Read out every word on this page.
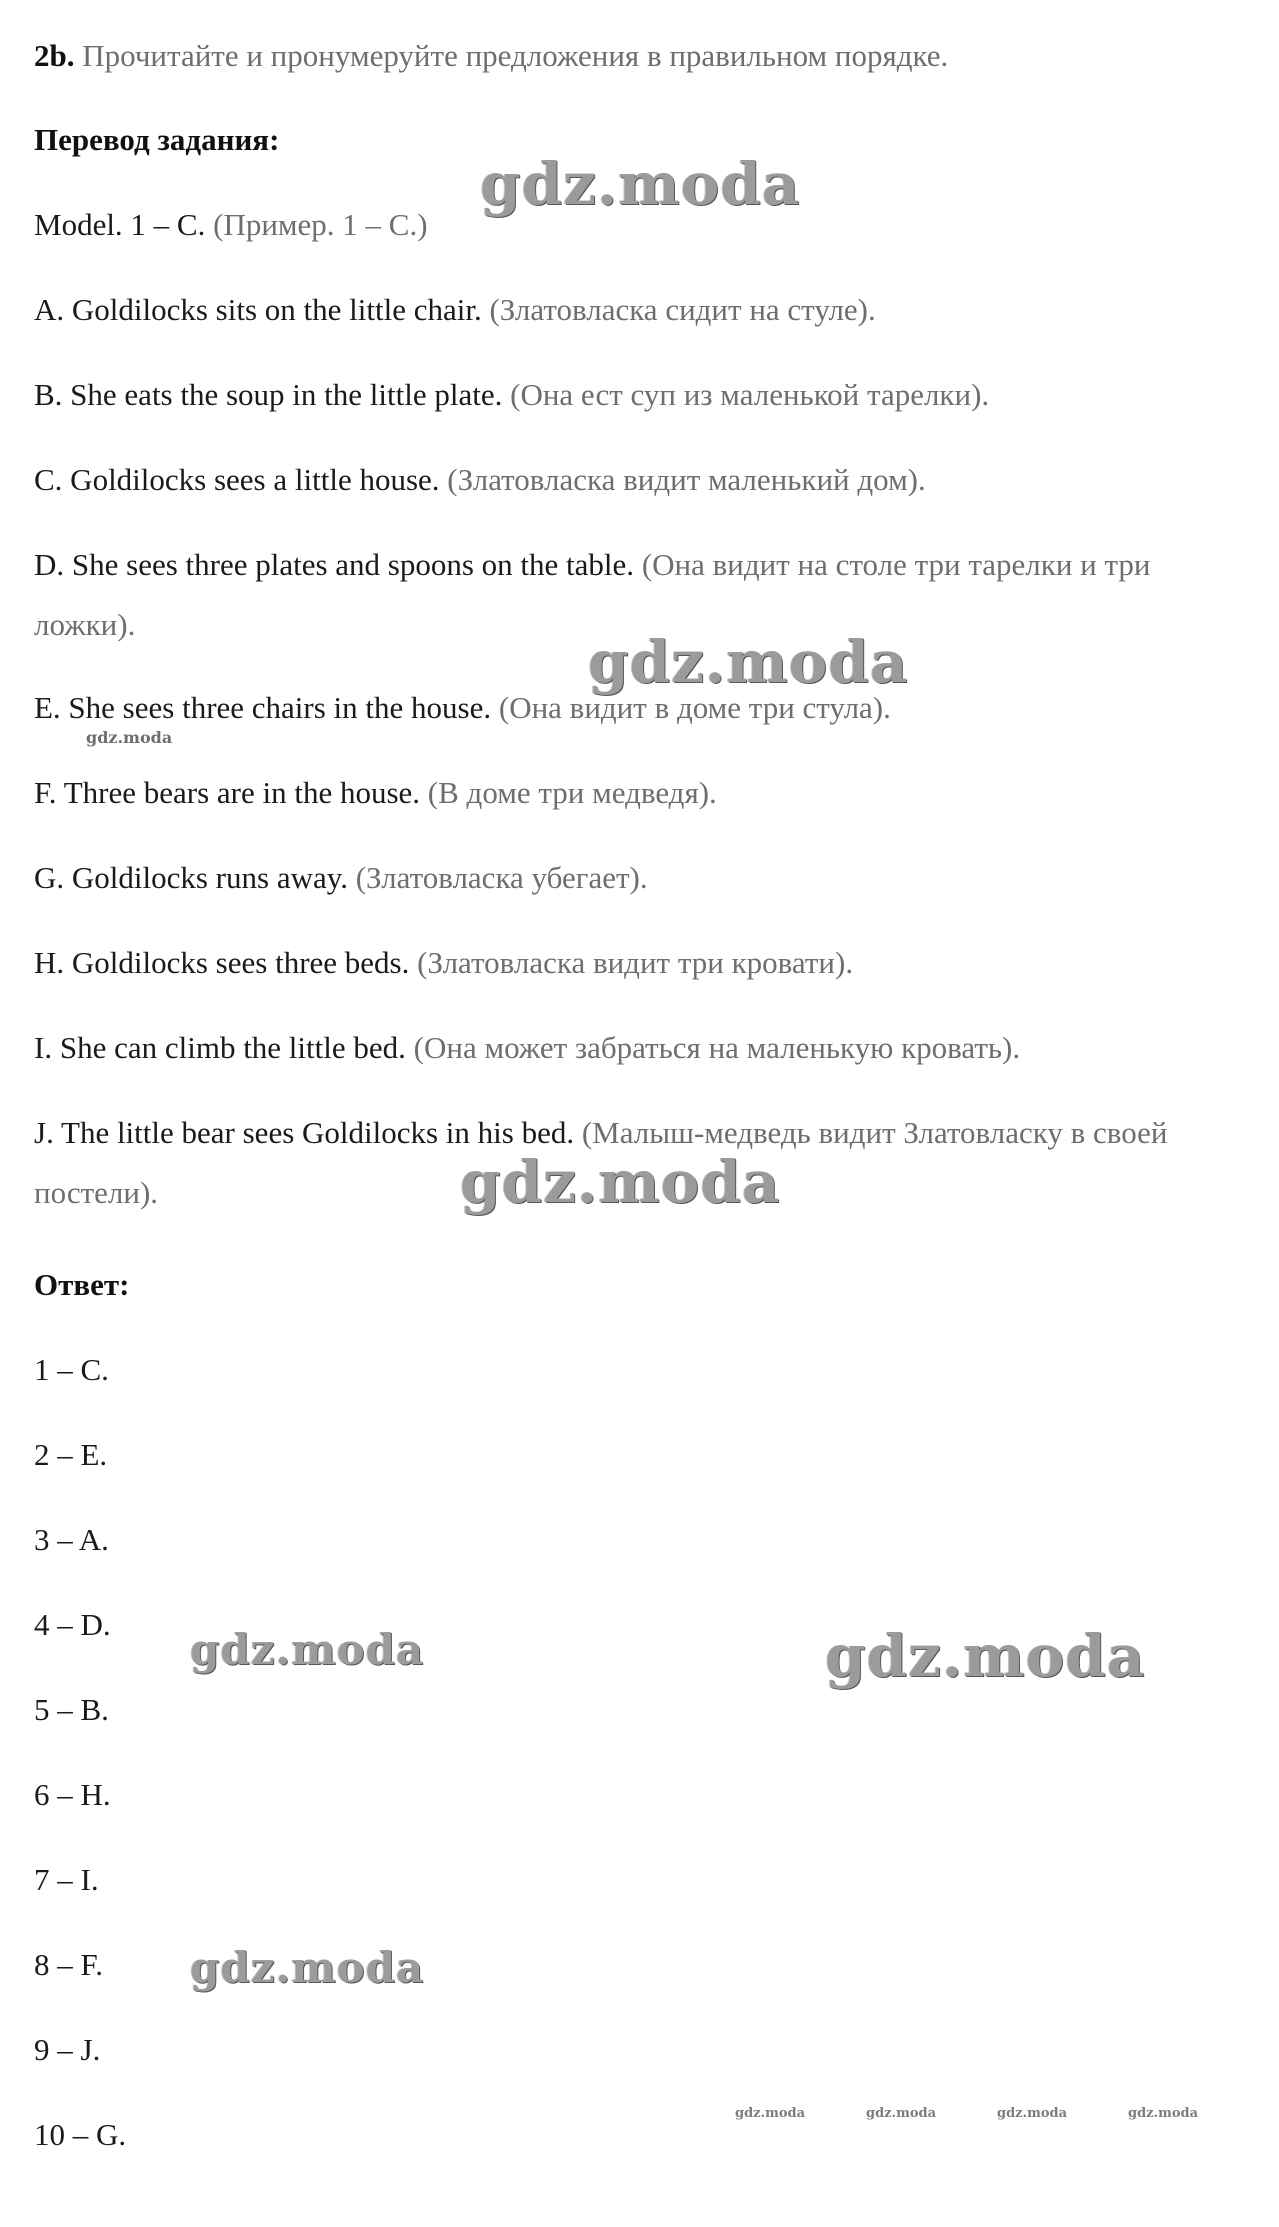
2b. Прочитайте и пронумеруйте предложения в правильном порядке.
Перевод задания:
Model. 1 – C. (Пример. 1 – С.)
A. Goldilocks sits on the little chair. (Златовласка сидит на стуле).
B. She eats the soup in the little plate. (Она ест суп из маленькой тарелки).
C. Goldilocks sees a little house. (Златовласка видит маленький дом).
D. She sees three plates and spoons on the table. (Она видит на столе три тарелки и три ложки).
E. She sees three chairs in the house. (Она видит в доме три стула).
F. Three bears are in the house. (В доме три медведя).
G. Goldilocks runs away. (Златовласка убегает).
H. Goldilocks sees three beds. (Златовласка видит три кровати).
I. She can climb the little bed. (Она может забраться на маленькую кровать).
J. The little bear sees Goldilocks in his bed. (Малыш-медведь видит Златовласку в своей постели).
Ответ:
1 – C.
2 – E.
3 – A.
4 – D.
5 – B.
6 – H.
7 – I.
8 – F.
9 – J.
10 – G.
gdz.moda
gdz.moda
gdz.moda
gdz.moda
gdz.moda	gdz.moda
gdz.moda
gdz.moda	gdz.moda	gdz.moda	gdz.moda
